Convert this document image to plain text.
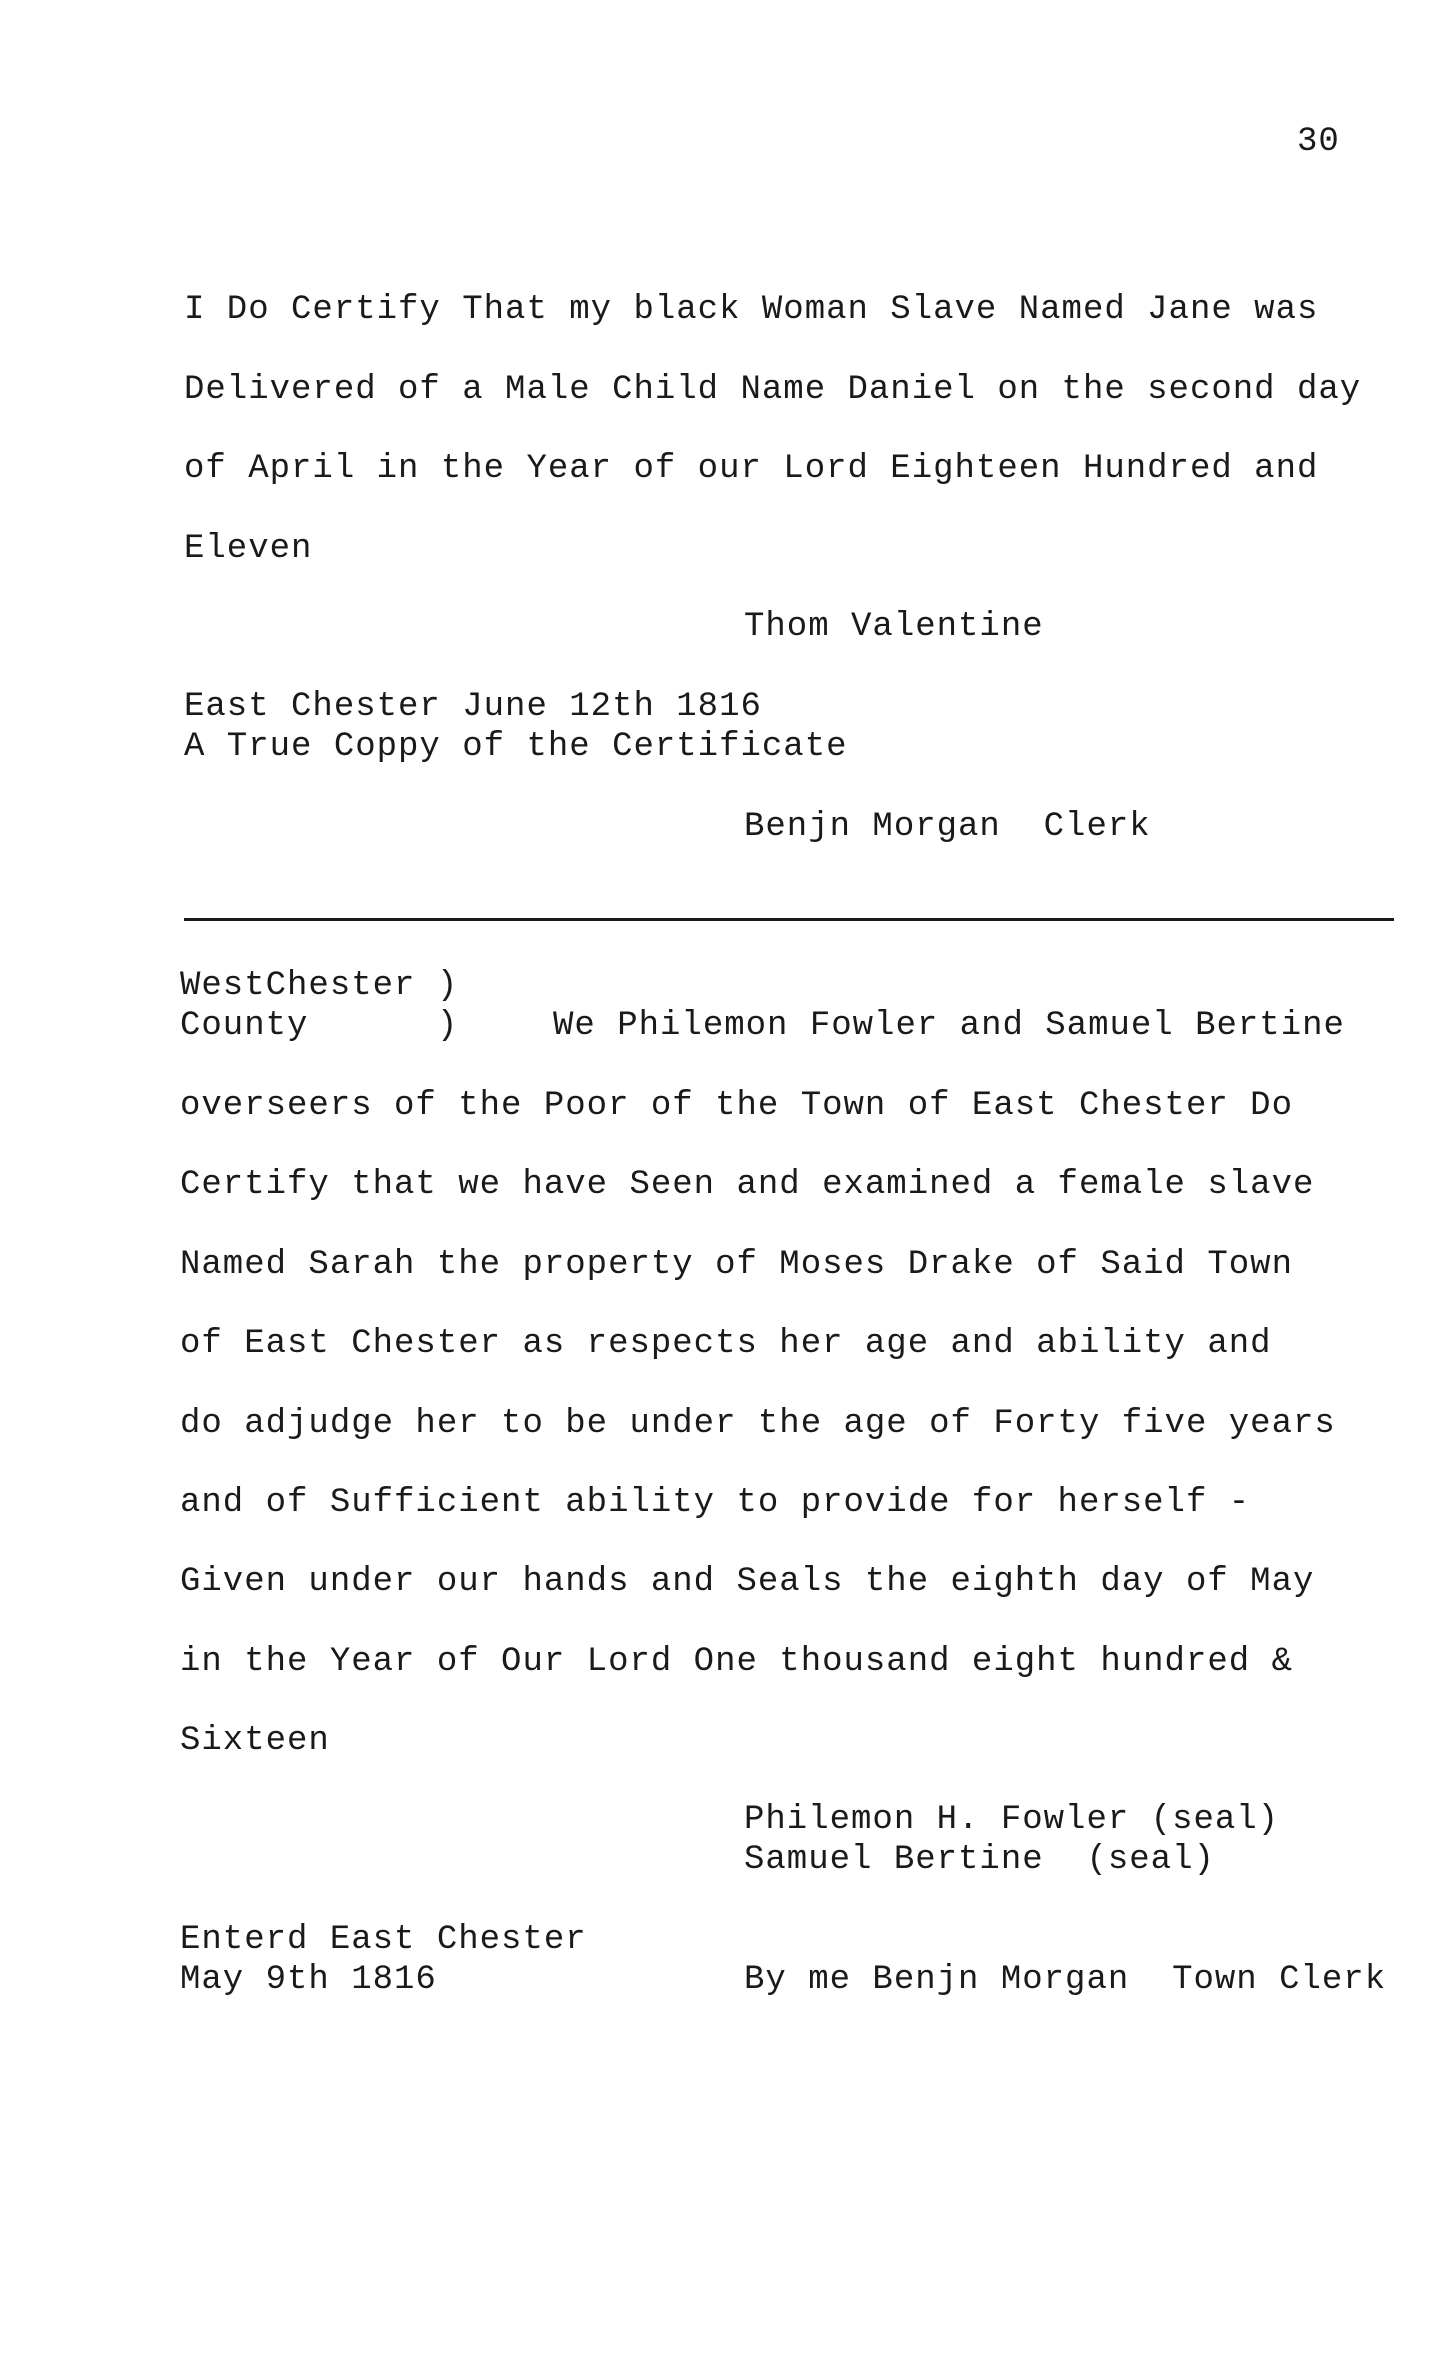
30
I Do Certify That my black Woman Slave Named Jane was
Delivered of a Male Child Name Daniel on the second day
of April in the Year of our Lord Eighteen Hundred and
Eleven
Thom Valentine
East Chester June 12th 1816
A True Coppy of the Certificate
Benjn Morgan  Clerk
WestChester )
County      )	We Philemon Fowler and Samuel Bertine
overseers of the Poor of the Town of East Chester Do
Certify that we have Seen and examined a female slave
Named Sarah the property of Moses Drake of Said Town
of East Chester as respects her age and ability and
do adjudge her to be under the age of Forty five years
and of Sufficient ability to provide for herself -
Given under our hands and Seals the eighth day of May
in the Year of Our Lord One thousand eight hundred &
Sixteen
Philemon H. Fowler (seal)
Samuel Bertine  (seal)
Enterd East Chester
May 9th 1816	By me Benjn Morgan  Town Clerk
